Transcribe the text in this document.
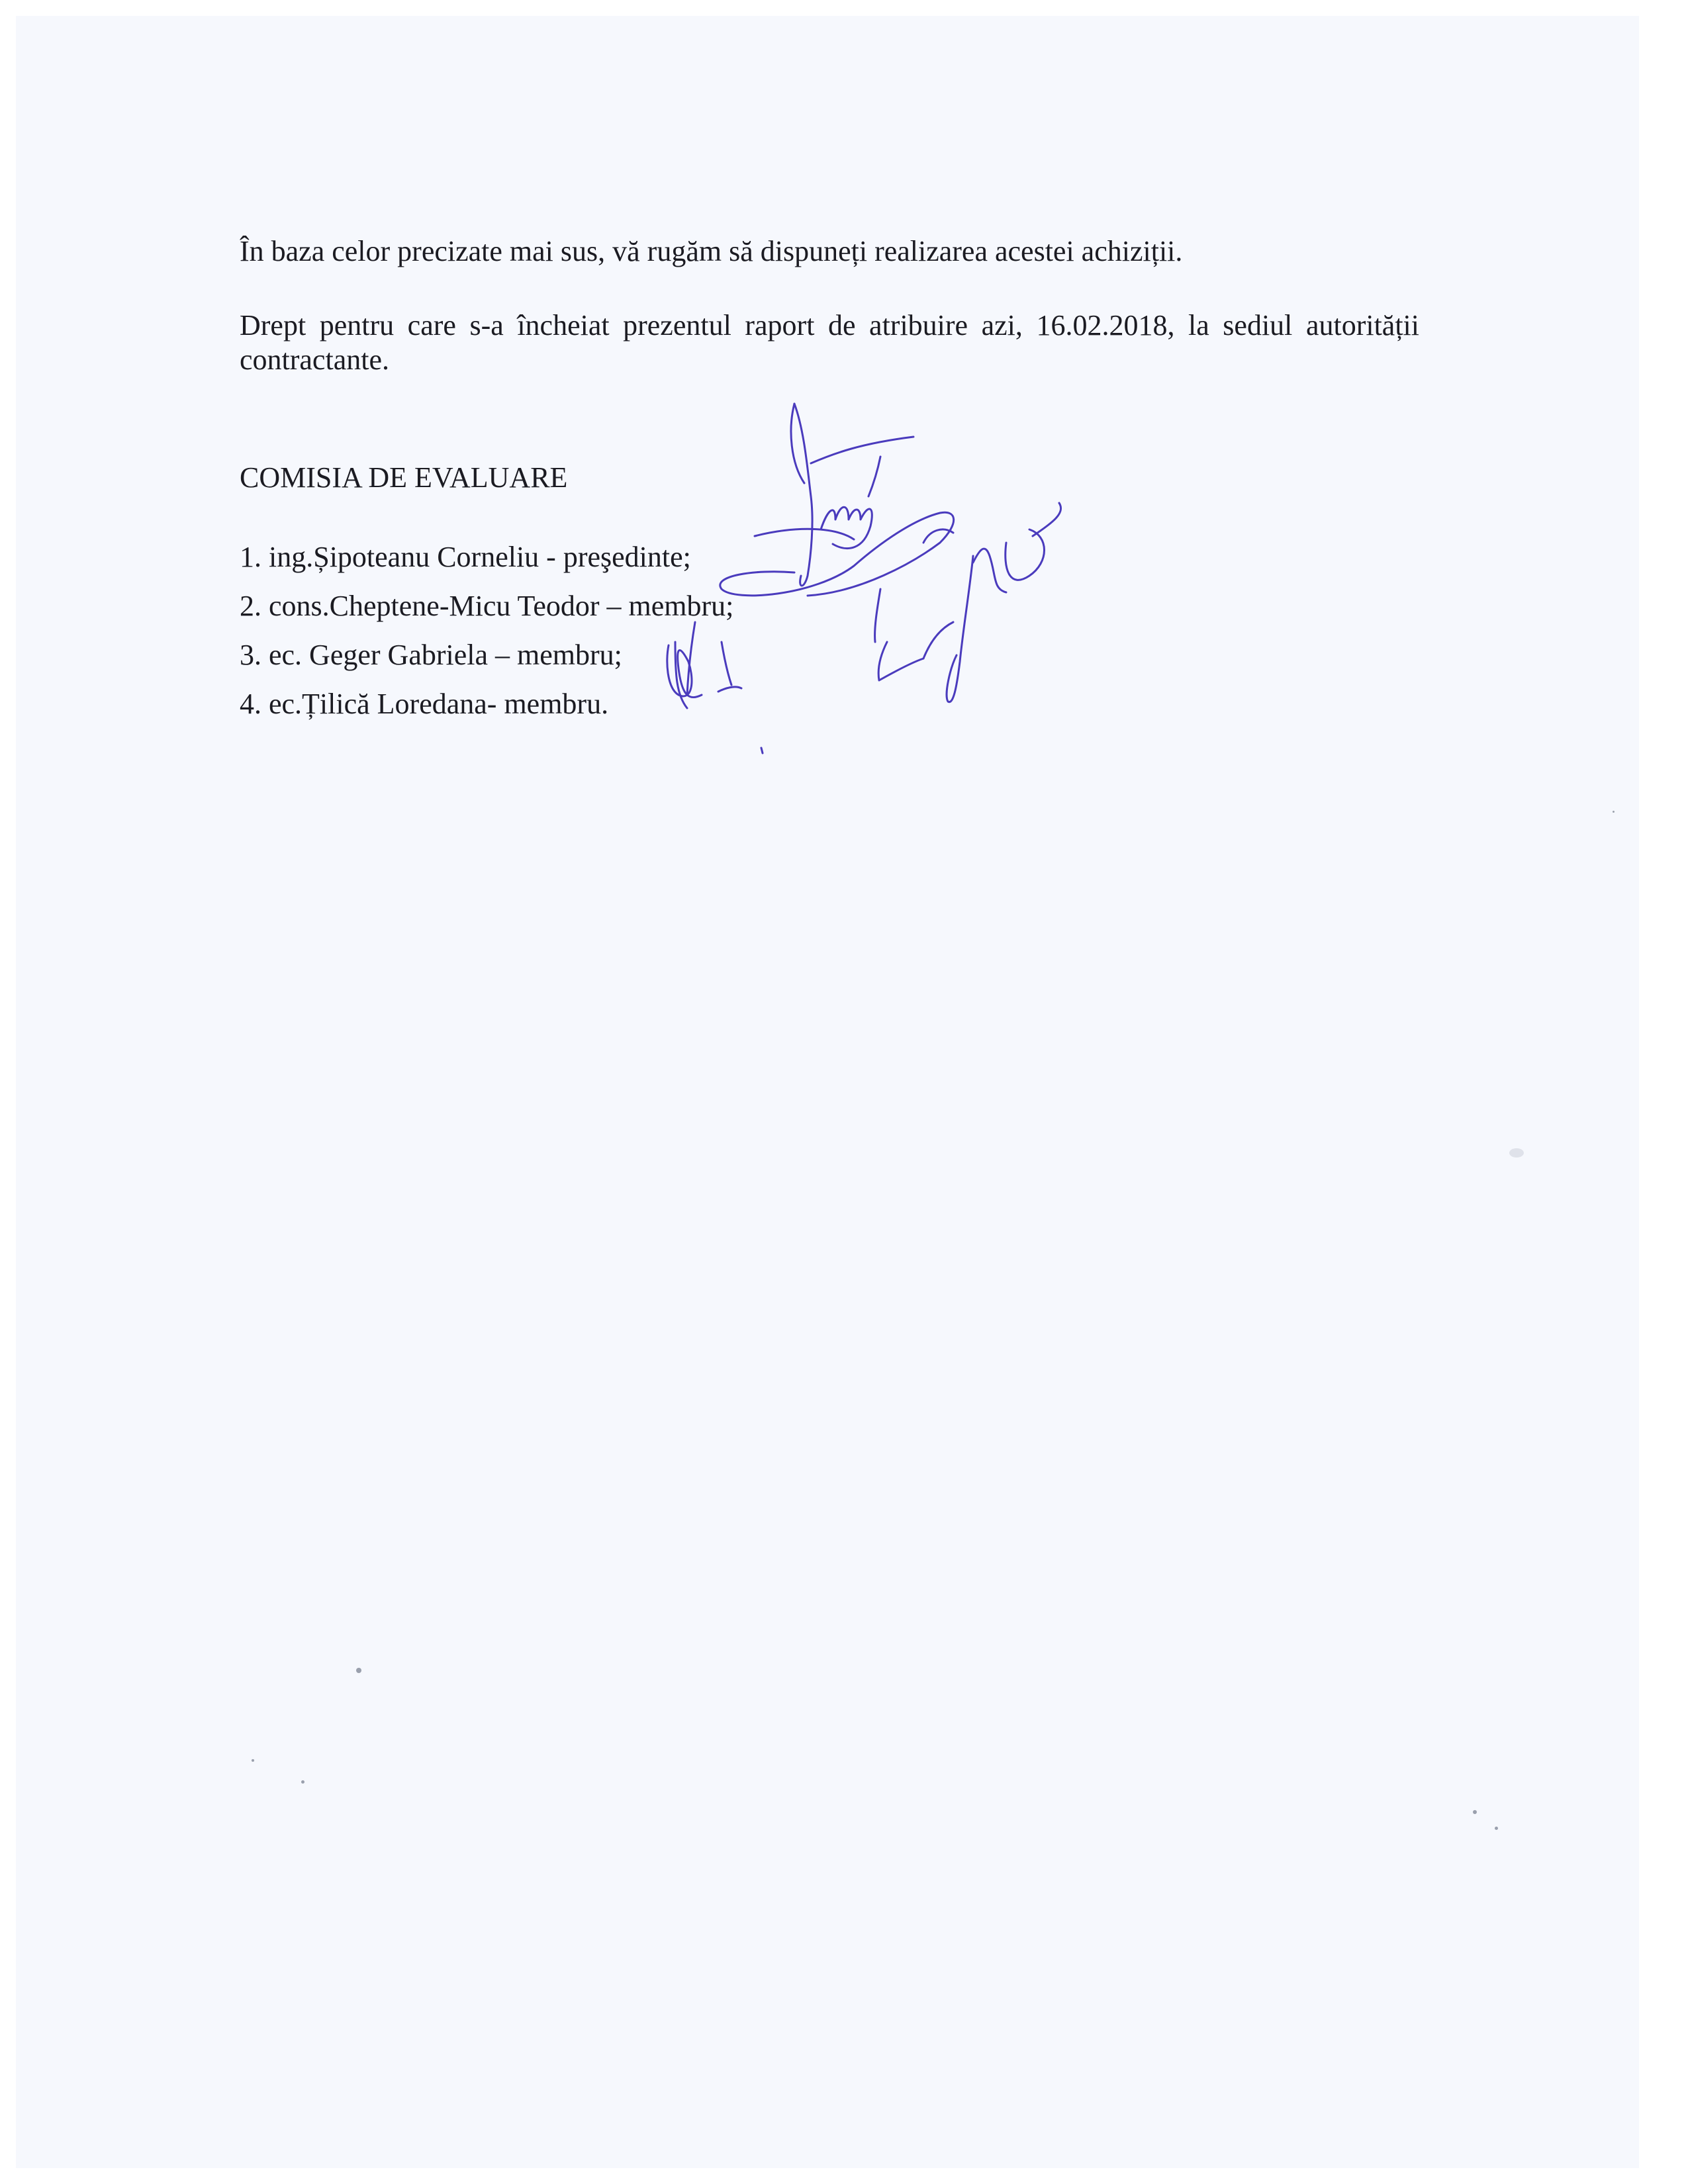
În baza celor precizate mai sus, vă rugăm să dispuneți realizarea acestei achiziții.
Drept pentru care s-a încheiat prezentul raport de atribuire azi, 16.02.2018, la sediul autorității contractante.
COMISIA DE EVALUARE
1. ing.Șipoteanu Corneliu - preşedinte;
2. cons.Cheptene-Micu Teodor – membru;
3. ec. Geger Gabriela – membru;
4. ec.Țilică Loredana- membru.
